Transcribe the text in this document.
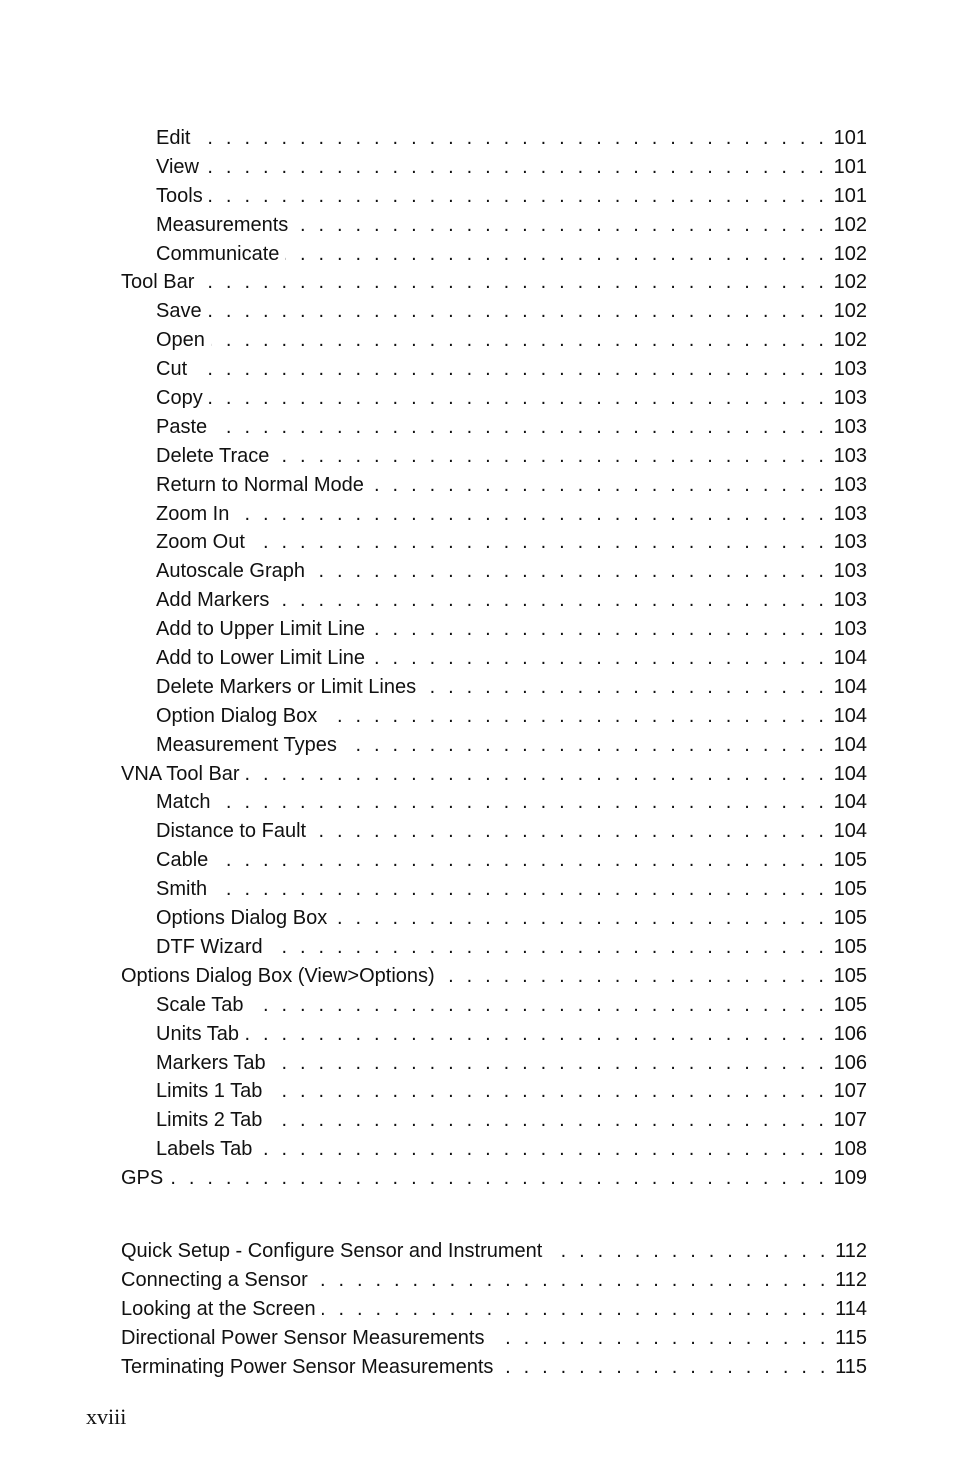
Edit . . .	101
View . . .	101
Tools . . .	101
Measurements . . .	102
Communicate . . .	102
Tool Bar . . .	102
Save . . .	102
Open . . .	102
Cut . . .	103
Copy . . .	103
Paste . . .	103
Delete Trace . . .	103
Return to Normal Mode . . .	103
Zoom In . . .	103
Zoom Out . . .	103
Autoscale Graph . . .	103
Add Markers . . .	103
Add to Upper Limit Line . . .	103
Add to Lower Limit Line . . .	104
Delete Markers or Limit Lines . . .	104
Option Dialog Box . . .	104
Measurement Types . . .	104
VNA Tool Bar . . .	104
Match . . .	104
Distance to Fault . . .	104
Cable . . .	105
Smith . . .	105
Options Dialog Box . . .	105
DTF Wizard . . .	105
Options Dialog Box (View>Options) . . .	105
Scale Tab . . .	105
Units Tab . . .	106
Markers Tab . . .	106
Limits 1 Tab . . .	107
Limits 2 Tab . . .	107
Labels Tab . . .	108
GPS . . .	109
Quick Setup - Configure Sensor and Instrument . . .	112
Connecting a Sensor . . .	112
Looking at the Screen . . .	114
Directional Power Sensor Measurements . . .	115
Terminating Power Sensor Measurements . . .	115
xviii
